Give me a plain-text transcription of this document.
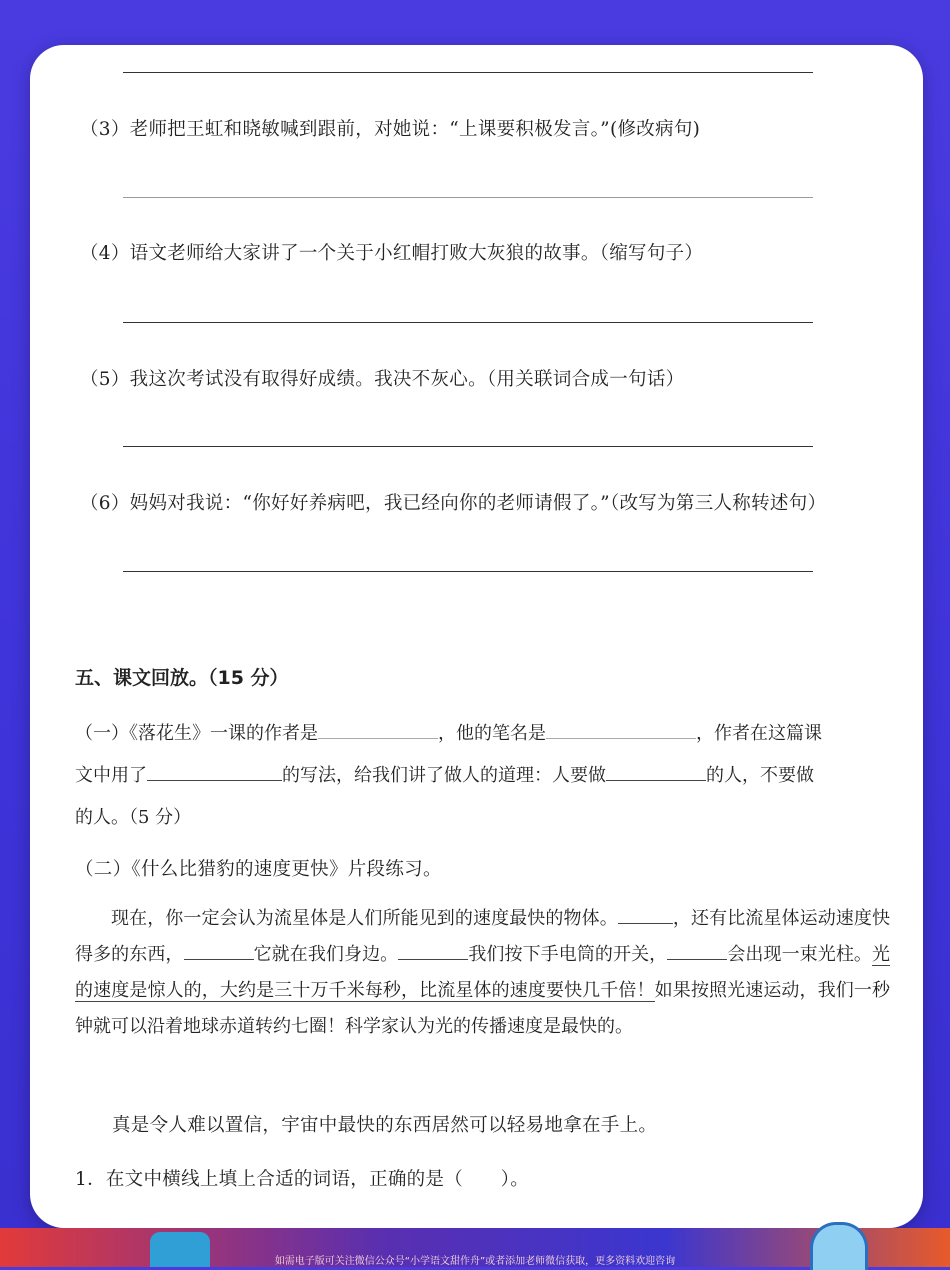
（3）老师把王虹和晓敏喊到跟前，对她说：“上课要积极发言。”(修改病句)
（4）语文老师给大家讲了一个关于小红帽打败大灰狼的故事。（缩写句子）
（5）我这次考试没有取得好成绩。我决不灰心。（用关联词合成一句话）
（6）妈妈对我说：“你好好养病吧，我已经向你的老师请假了。”（改写为第三人称转述句）
五、课文回放。（15 分）
（一）《落花生》一课的作者是	，他的笔名是	，作者在这篇课
文中用了	的写法，给我们讲了做人的道理：人要做	的人，不要做
的人。（5 分）
（二）《什么比猎豹的速度更快》片段练习。
现在，你一定会认为流星体是人们所能见到的速度最快的物体。	，还有比流星体运动速度快得多的东西，	它就在我们身边。	我们按下手电筒的开关，	会出现一束光柱。光的速度是惊人的，大约是三十万千米每秒，比流星体的速度要快几千倍！如果按照光速运动，我们一秒钟就可以沿着地球赤道转约七圈！科学家认为光的传播速度是最快的。
真是令人难以置信，宇宙中最快的东西居然可以轻易地拿在手上。
1．在文中横线上填上合适的词语，正确的是（　　）。
如需电子版可关注微信公众号“小学语文甜作舟”或者添加老师微信获取，更多资料欢迎咨询
